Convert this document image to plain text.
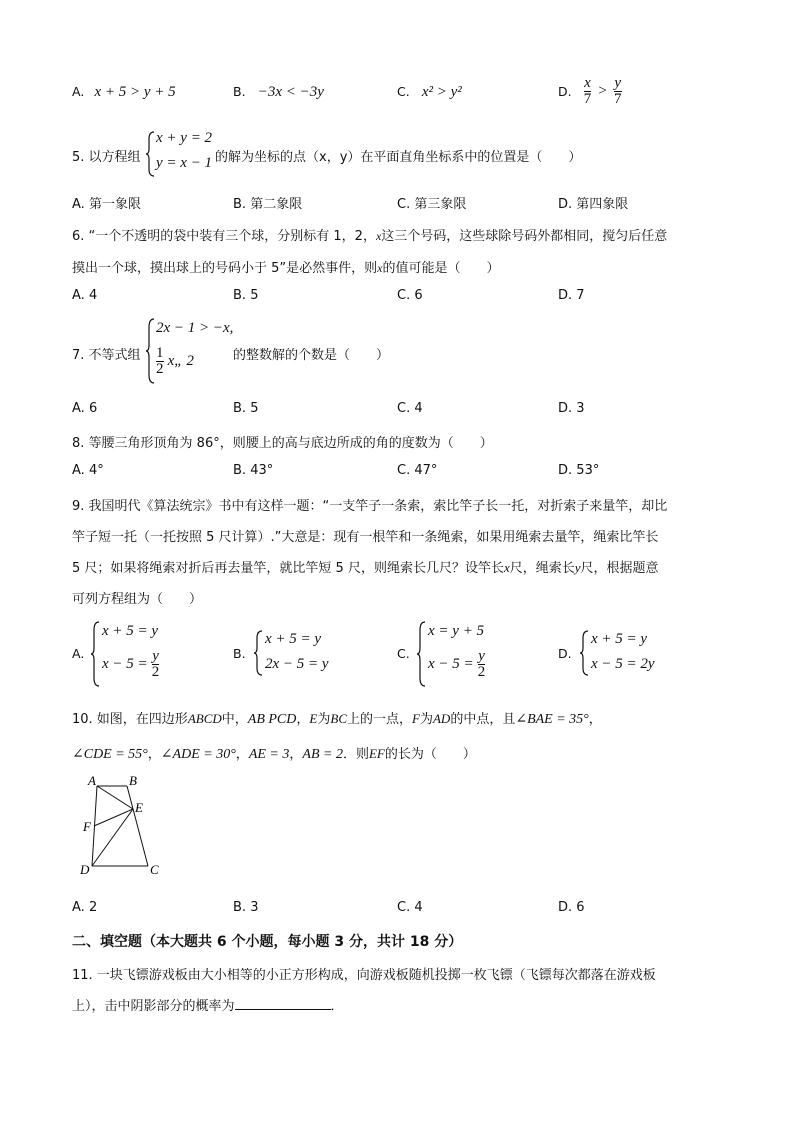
A. x + 5 > y + 5	B. −3x < −3y	C. x² > y²	D. $\frac{x}{7} > \frac{y}{7}$
5. 以方程组
x + y = 2
y = x − 1 的解为坐标的点（x，y）在平面直角坐标系中的位置是（　　）
A. 第一象限	B. 第二象限	C. 第三象限	D. 第四象限
6. “一个不透明的袋中装有三个球，分别标有 1，2，x这三个号码，这些球除号码外都相同，搅匀后任意
摸出一个球，摸出球上的号码小于 5”是必然事件，则x的值可能是（　　）
A. 4	B. 5	C. 6	D. 7
7. 不等式组
2x − 1 > −x,
$\frac{1}{2}$ x„ 2	的整数解的个数是（　　）
A. 6	B. 5	C. 4	D. 3
8. 等腰三角形顶角为 86°，则腰上的高与底边所成的角的度数为（　　）
A. 4°	B. 43°	C. 47°	D. 53°
9. 我国明代《算法统宗》书中有这样一题：“一支竿子一条索，索比竿子长一托，对折索子来量竿，却比
竿子短一托（一托按照 5 尺计算）.”大意是：现有一根竿和一条绳索，如果用绳索去量竿，绳索比竿长
5 尺；如果将绳索对折后再去量竿，就比竿短 5 尺，则绳索长几尺？设竿长x尺，绳索长y尺，根据题意
可列方程组为（　　）
A.
x + 5 = y
$x - 5 = \frac{y}{2}$	B.
x + 5 = y
2x − 5 = y
C.
x = y + 5
$x - 5 = \frac{y}{2}$	D.
x + 5 = y
x − 5 = 2y
10. 如图，在四边形ABCD中，AB PCD，E为BC上的一点，F为AD的中点，且∠BAE = 35°，
∠CDE = 55°，∠ADE = 30°，AE = 3，AB = 2．则EF的长为（　　）
A	B
E
F
D	C
A. 2	B. 3	C. 4	D. 6
二、填空题（本大题共 6 个小题，每小题 3 分，共计 18 分）
11. 一块飞镖游戏板由大小相等的小正方形构成，向游戏板随机投掷一枚飞镖（飞镖每次都落在游戏板
上），击中阴影部分的概率为	．
